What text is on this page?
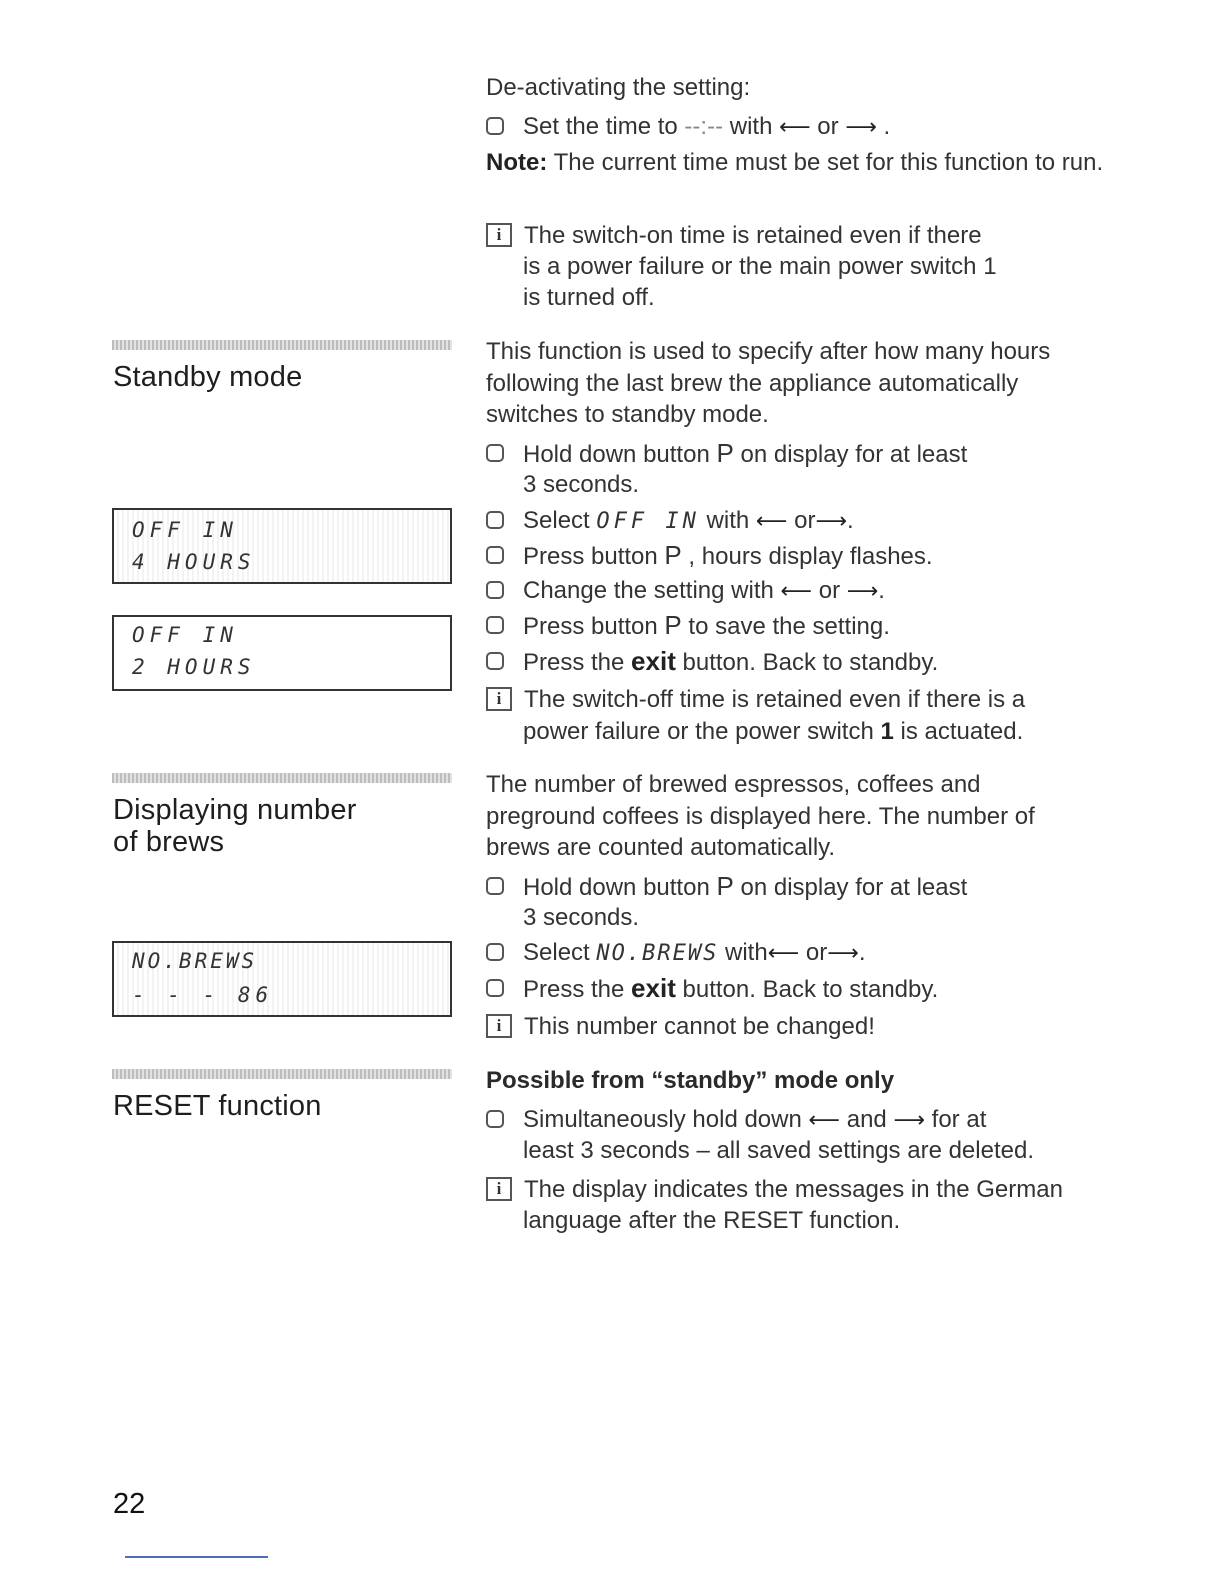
De-activating the setting:
Set the time to --:-- with ⟵ or ⟶ .
Note: The current time must be set for this function to run.
i The switch-on time is retained even if there
is a power failure or the main power switch 1
is turned off.
Standby mode
OFF IN
4 HOURS
OFF IN
2 HOURS
This function is used to specify after how many hours
following the last brew the appliance automatically
switches to standby mode.
Hold down button P on display for at least
3 seconds.
Select OFF IN with ⟵ or⟶.
Press button P , hours display flashes.
Change the setting with ⟵ or ⟶.
Press button P to save the setting.
Press the exit button. Back to standby.
i The switch-off time is retained even if there is a
power failure or the power switch 1 is actuated.
Displaying number
of brews
NO.BREWS
- - - 86
The number of brewed espressos, coffees and
preground coffees is displayed here. The number of
brews are counted automatically.
Hold down button P on display for at least
3 seconds.
Select NO.BREWS with⟵ or⟶.
Press the exit button. Back to standby.
i This number cannot be changed!
RESET function
Possible from “standby” mode only
Simultaneously hold down ⟵ and ⟶ for at
least 3 seconds – all saved settings are deleted.
i The display indicates the messages in the German
language after the RESET function.
22
